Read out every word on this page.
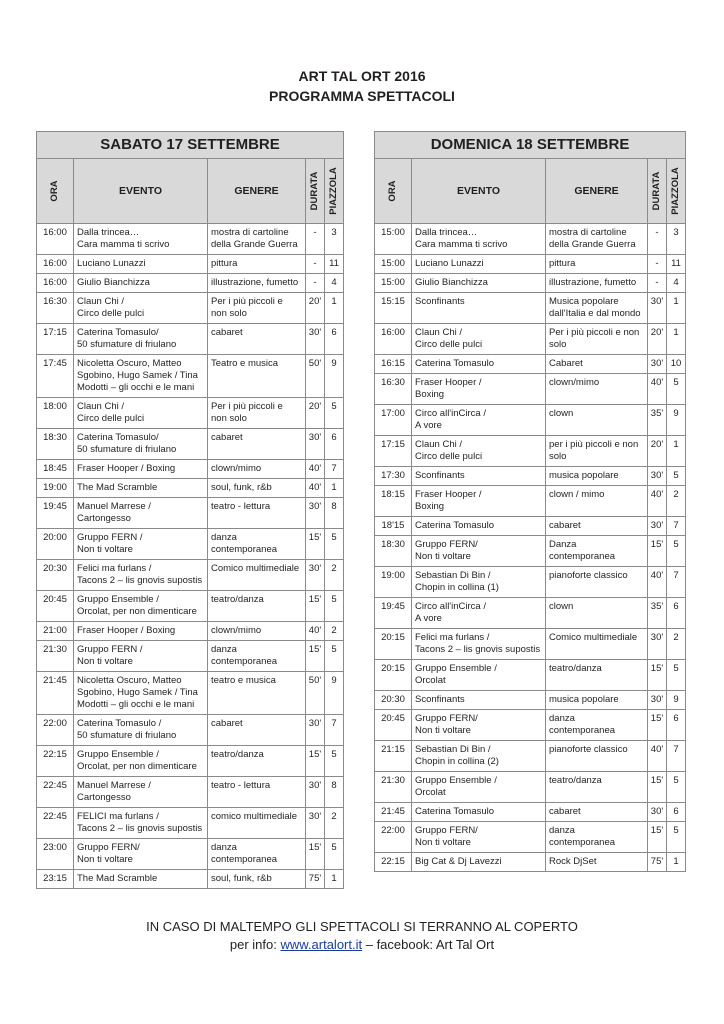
ART TAL ORT 2016
PROGRAMMA SPETTACOLI
SABATO 17 SETTEMBRE				

ORA	EVENTO	GENERE	DURATA	PIAZZOLA

16:00	Dalla trincea…
Cara mamma ti scrivo	mostra di cartoline della Grande Guerra	-	3
16:00	Luciano Lunazzi	pittura	-	11
16:00	Giulio Bianchizza	illustrazione, fumetto	-	4
16:30	Claun Chi /
Circo delle pulci	Per i più piccoli e non solo	20'	1
17:15	Caterina Tomasulo/
50 sfumature di friulano	cabaret	30'	6
17:45	Nicoletta Oscuro, Matteo Sgobino, Hugo Samek / Tina Modotti – gli occhi e le mani	Teatro e musica	50'	9
18:00	Claun Chi /
Circo delle pulci	Per i più piccoli e non solo	20'	5
18:30	Caterina Tomasulo/
50 sfumature di friulano	cabaret	30'	6
18:45	Fraser Hooper / Boxing	clown/mimo	40'	7
19:00	The Mad Scramble	soul, funk, r&b	40'	1
19:45	Manuel Marrese /
Cartongesso	teatro - lettura	30'	8
20:00	Gruppo FERN /
Non ti voltare	danza contemporanea	15'	5
20:30	Felici ma furlans /
Tacons 2 – lis gnovis supostis	Comico multimediale	30'	2
20:45	Gruppo Ensemble /
Orcolat, per non dimenticare	teatro/danza	15'	5
21:00	Fraser Hooper / Boxing	clown/mimo	40'	2
21:30	Gruppo FERN /
Non ti voltare	danza contemporanea	15'	5
21:45	Nicoletta Oscuro, Matteo Sgobino, Hugo Samek / Tina Modotti – gli occhi e le mani	teatro e musica	50'	9
22:00	Caterina Tomasulo /
50 sfumature di friulano	cabaret	30'	7
22:15	Gruppo Ensemble /
Orcolat, per non dimenticare	teatro/danza	15'	5
22:45	Manuel Marrese /
Cartongesso	teatro - lettura	30'	8
22:45	FELICI ma furlans /
Tacons 2 – lis gnovis supostis	comico multimediale	30'	2
23:00	Gruppo FERN/
Non ti voltare	danza contemporanea	15'	5
23:15	The Mad Scramble	soul, funk, r&b	75'	1
DOMENICA 18 SETTEMBRE				

ORA	EVENTO	GENERE	DURATA	PIAZZOLA

15:00	Dalla trincea…
Cara mamma ti scrivo	mostra di cartoline della Grande Guerra	-	3
15:00	Luciano Lunazzi	pittura	-	11
15:00	Giulio Bianchizza	illustrazione, fumetto	-	4
15:15	Sconfinants	Musica popolare dall'Italia e dal mondo	30'	1
16:00	Claun Chi /
Circo delle pulci	Per i più piccoli e non solo	20'	1
16:15	Caterina Tomasulo	Cabaret	30'	10
16:30	Fraser Hooper /
Boxing	clown/mimo	40'	5
17:00	Circo all'inCirca /
A vore	clown	35'	9
17:15	Claun Chi /
Circo delle pulci	per i più piccoli e non solo	20'	1
17:30	Sconfinants	musica popolare	30'	5
18:15	Fraser Hooper /
Boxing	clown / mimo	40'	2
18'15	Caterina Tomasulo	cabaret	30'	7
18:30	Gruppo FERN/
Non ti voltare	Danza contemporanea	15'	5
19:00	Sebastian Di Bin /
Chopin in collina (1)	pianoforte classico	40'	7
19:45	Circo all'inCirca /
A vore	clown	35'	6
20:15	Felici ma furlans /
Tacons 2 – lis gnovis supostis	Comico multimediale	30'	2
20:15	Gruppo Ensemble /
Orcolat	teatro/danza	15'	5
20:30	Sconfinants	musica popolare	30'	9
20:45	Gruppo FERN/
Non ti voltare	danza contemporanea	15'	6
21:15	Sebastian Di Bin /
Chopin in collina (2)	pianoforte classico	40'	7
21:30	Gruppo Ensemble /
Orcolat	teatro/danza	15'	5
21:45	Caterina Tomasulo	cabaret	30'	6
22:00	Gruppo FERN/
Non ti voltare	danza contemporanea	15'	5
22:15	Big Cat & Dj Lavezzi	Rock DjSet	75'	1
IN CASO DI MALTEMPO GLI SPETTACOLI SI TERRANNO AL COPERTO
per info: www.artalort.it – facebook: Art Tal Ort
